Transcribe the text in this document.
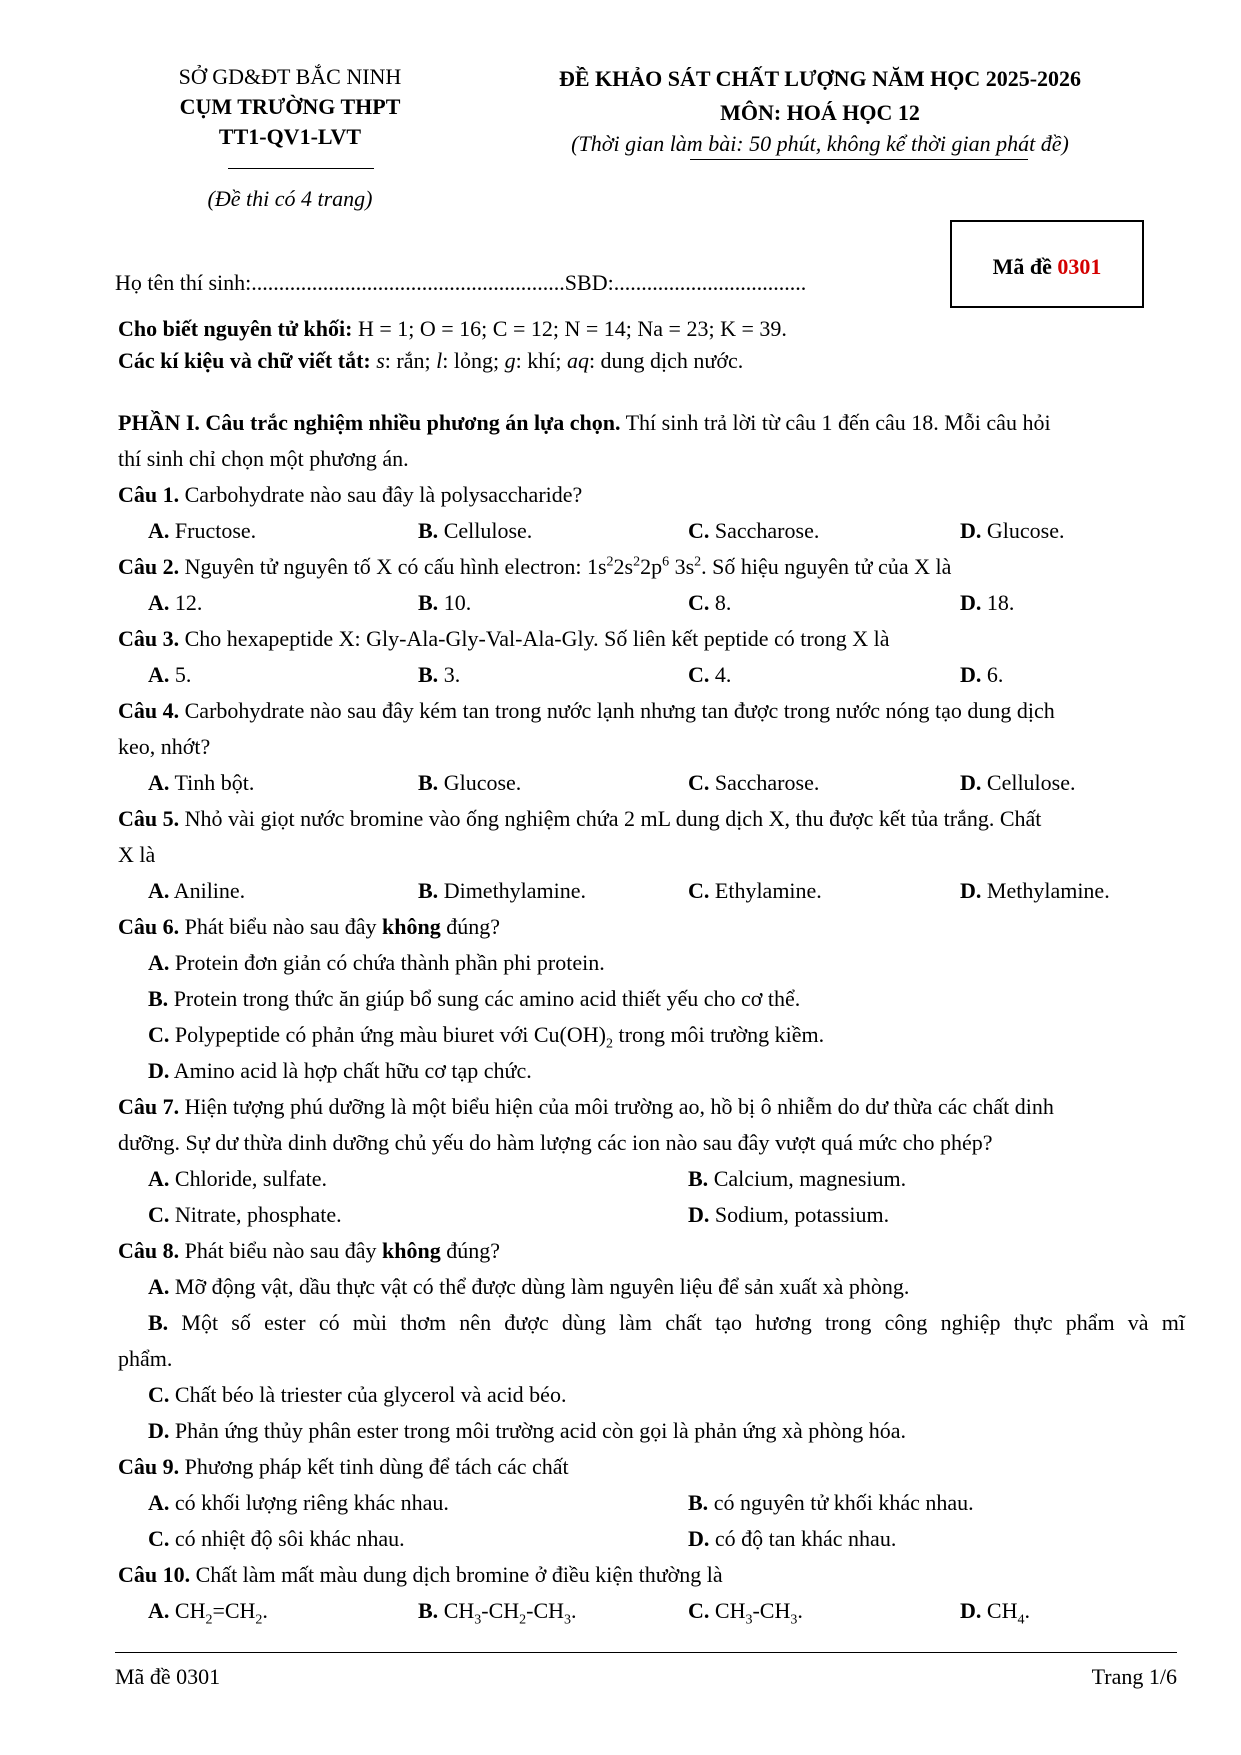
SỞ GD&ĐT BẮC NINH
CỤM TRƯỜNG THPT
TT1-QV1-LVT
(Đề thi có 4 trang)
ĐỀ KHẢO SÁT CHẤT LƯỢNG NĂM HỌC 2025-2026
MÔN: HOÁ HỌC 12
(Thời gian làm bài: 50 phút, không kể thời gian phát đề)
Mã đề 0301
Họ tên thí sinh:.........................................................SBD:...................................
Cho biết nguyên tử khối: H = 1; O = 16; C = 12; N = 14; Na = 23; K = 39.
Các kí kiệu và chữ viết tắt: s: rắn; l: lỏng; g: khí; aq: dung dịch nước.
PHẦN I. Câu trắc nghiệm nhiều phương án lựa chọn. Thí sinh trả lời từ câu 1 đến câu 18. Mỗi câu hỏi
thí sinh chỉ chọn một phương án.
Câu 1. Carbohydrate nào sau đây là polysaccharide?
A. Fructose.	B. Cellulose.	C. Saccharose.	D. Glucose.
Câu 2. Nguyên tử nguyên tố X có cấu hình electron: $1s^22s^22p^6$ $3s^2$. Số hiệu nguyên tử của X là
A. 12.	B. 10.	C. 8.	D. 18.
Câu 3. Cho hexapeptide X: Gly-Ala-Gly-Val-Ala-Gly. Số liên kết peptide có trong X là
A. 5.	B. 3.	C. 4.	D. 6.
Câu 4. Carbohydrate nào sau đây kém tan trong nước lạnh nhưng tan được trong nước nóng tạo dung dịch
keo, nhớt?
A. Tinh bột.	B. Glucose.	C. Saccharose.	D. Cellulose.
Câu 5. Nhỏ vài giọt nước bromine vào ống nghiệm chứa 2 mL dung dịch X, thu được kết tủa trắng. Chất
X là
A. Aniline.	B. Dimethylamine.	C. Ethylamine.	D. Methylamine.
Câu 6. Phát biểu nào sau đây không đúng?
A. Protein đơn giản có chứa thành phần phi protein.
B. Protein trong thức ăn giúp bổ sung các amino acid thiết yếu cho cơ thể.
C. Polypeptide có phản ứng màu biuret với $Cu(OH)_2$ trong môi trường kiềm.
D. Amino acid là hợp chất hữu cơ tạp chức.
Câu 7. Hiện tượng phú dưỡng là một biểu hiện của môi trường ao, hồ bị ô nhiễm do dư thừa các chất dinh
dưỡng. Sự dư thừa dinh dưỡng chủ yếu do hàm lượng các ion nào sau đây vượt quá mức cho phép?
A. Chloride, sulfate.	B. Calcium, magnesium.
C. Nitrate, phosphate.	D. Sodium, potassium.
Câu 8. Phát biểu nào sau đây không đúng?
A. Mỡ động vật, dầu thực vật có thể được dùng làm nguyên liệu để sản xuất xà phòng.
B. Một số ester có mùi thơm nên được dùng làm chất tạo hương trong công nghiệp thực phẩm và mĩ
phẩm.
C. Chất béo là triester của glycerol và acid béo.
D. Phản ứng thủy phân ester trong môi trường acid còn gọi là phản ứng xà phòng hóa.
Câu 9. Phương pháp kết tinh dùng để tách các chất
A. có khối lượng riêng khác nhau.	B. có nguyên tử khối khác nhau.
C. có nhiệt độ sôi khác nhau.	D. có độ tan khác nhau.
Câu 10. Chất làm mất màu dung dịch bromine ở điều kiện thường là
A. $CH_2=CH_2$.	B. $CH_3-CH_2-CH_3$.	C. $CH_3-CH_3$.	D. $CH_4$.
Mã đề 0301	Trang 1/6
